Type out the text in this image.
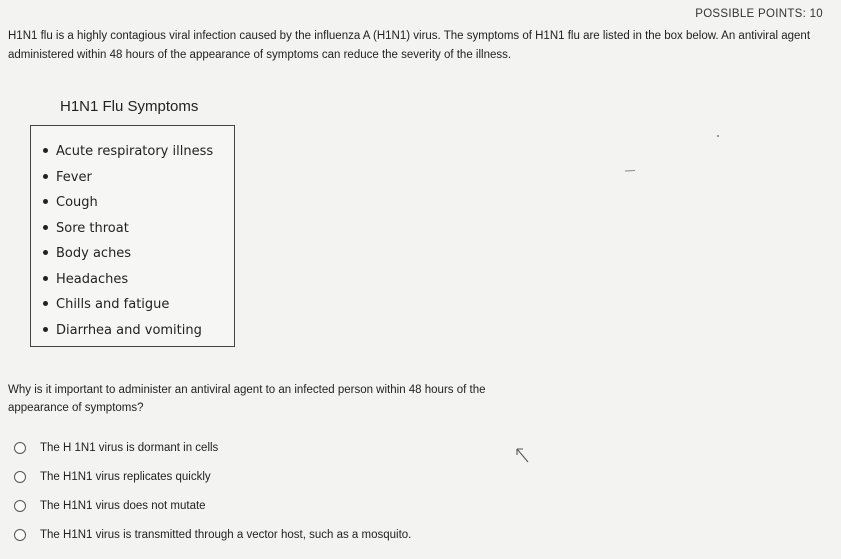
POSSIBLE POINTS: 10
H1N1 flu is a highly contagious viral infection caused by the influenza A (H1N1) virus. The symptoms of H1N1 flu are listed in the box below. An antiviral agent administered within 48 hours of the appearance of symptoms can reduce the severity of the illness.
H1N1 Flu Symptoms
Acute respiratory illness
Fever
Cough
Sore throat
Body aches
Headaches
Chills and fatigue
Diarrhea and vomiting
Why is it important to administer an antiviral agent to an infected person within 48 hours of the appearance of symptoms?
The H 1N1 virus is dormant in cells
The H1N1 virus replicates quickly
The H1N1 virus does not mutate
The H1N1 virus is transmitted through a vector host, such as a mosquito.
